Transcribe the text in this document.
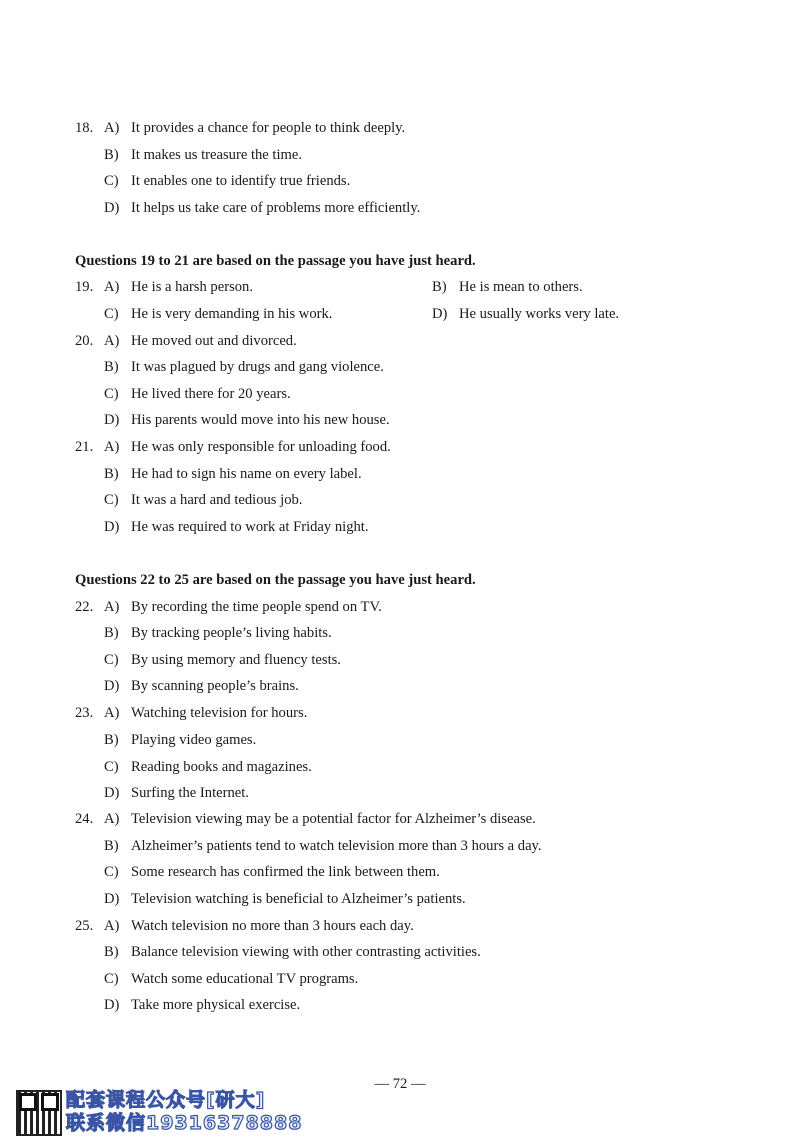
18. A) It provides a chance for people to think deeply.
B) It makes us treasure the time.
C) It enables one to identify true friends.
D) It helps us take care of problems more efficiently.
Questions 19 to 21 are based on the passage you have just heard.
19. A) He is a harsh person.	B) He is mean to others.
C) He is very demanding in his work.	D) He usually works very late.
20. A) He moved out and divorced.
B) It was plagued by drugs and gang violence.
C) He lived there for 20 years.
D) His parents would move into his new house.
21. A) He was only responsible for unloading food.
B) He had to sign his name on every label.
C) It was a hard and tedious job.
D) He was required to work at Friday night.
Questions 22 to 25 are based on the passage you have just heard.
22. A) By recording the time people spend on TV.
B) By tracking people’s living habits.
C) By using memory and fluency tests.
D) By scanning people’s brains.
23. A) Watching television for hours.
B) Playing video games.
C) Reading books and magazines.
D) Surfing the Internet.
24. A) Television viewing may be a potential factor for Alzheimer’s disease.
B) Alzheimer’s patients tend to watch television more than 3 hours a day.
C) Some research has confirmed the link between them.
D) Television watching is beneficial to Alzheimer’s patients.
25. A) Watch television no more than 3 hours each day.
B) Balance television viewing with other contrasting activities.
C) Watch some educational TV programs.
D) Take more physical exercise.
— 72 —
配套课程公众号[研大]
联系微信19316378888
